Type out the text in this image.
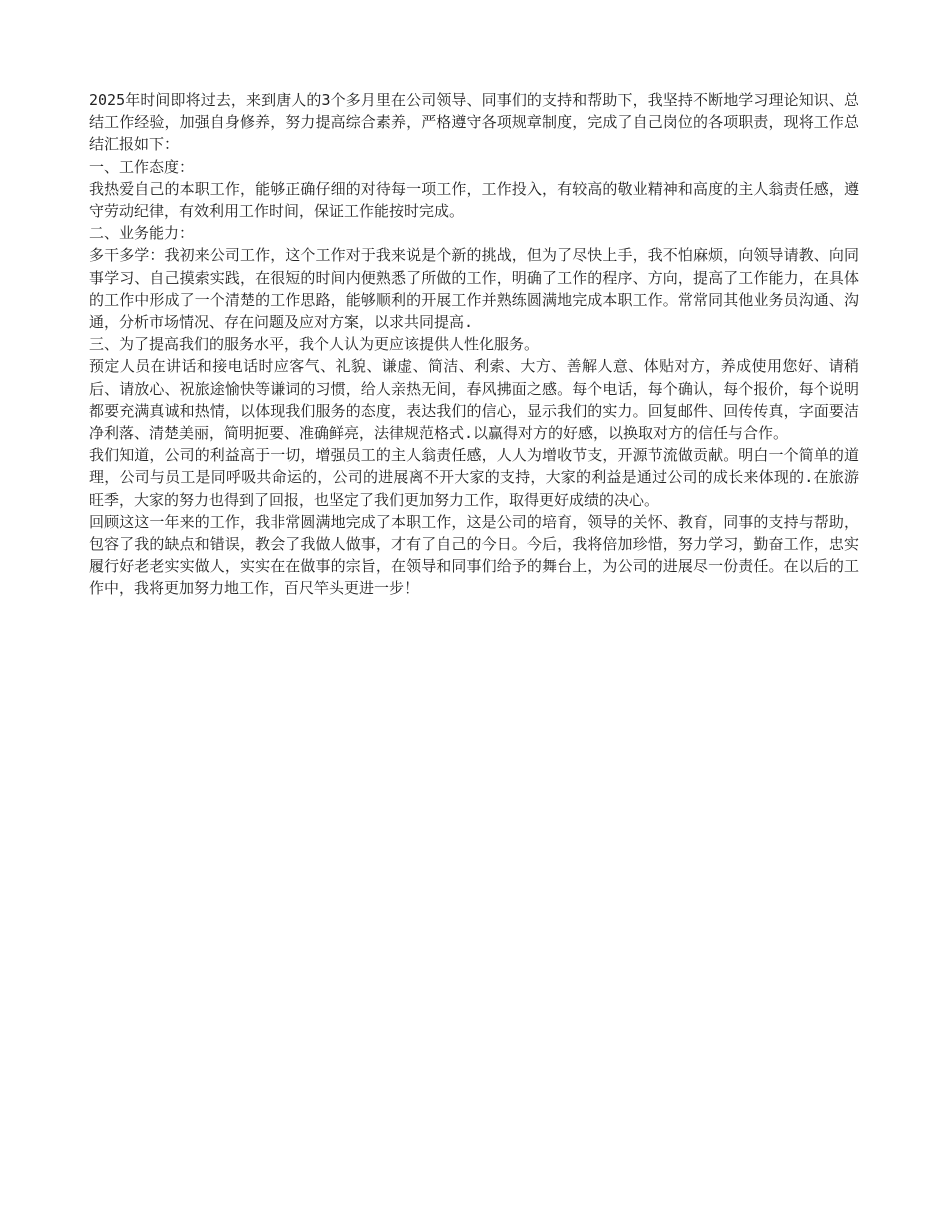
2025年时间即将过去，来到唐人的3个多月里在公司领导、同事们的支持和帮助下，我坚持不断地学习理论知识、总结工作经验，加强自身修养，努力提高综合素养，严格遵守各项规章制度，完成了自己岗位的各项职责，现将工作总结汇报如下：

一、工作态度：

我热爱自己的本职工作，能够正确仔细的对待每一项工作，工作投入，有较高的敬业精神和高度的主人翁责任感，遵守劳动纪律，有效利用工作时间，保证工作能按时完成。

二、业务能力：

多干多学：我初来公司工作，这个工作对于我来说是个新的挑战，但为了尽快上手，我不怕麻烦，向领导请教、向同事学习、自己摸索实践，在很短的时间内便熟悉了所做的工作，明确了工作的程序、方向，提高了工作能力，在具体的工作中形成了一个清楚的工作思路，能够顺利的开展工作并熟练圆满地完成本职工作。常常同其他业务员沟通、沟通，分析市场情况、存在问题及应对方案，以求共同提高.

三、为了提高我们的服务水平，我个人认为更应该提供人性化服务。

预定人员在讲话和接电话时应客气、礼貌、谦虚、简洁、利索、大方、善解人意、体贴对方，养成使用您好、请稍后、请放心、祝旅途愉快等谦词的习惯，给人亲热无间，春风拂面之感。每个电话，每个确认，每个报价，每个说明都要充满真诚和热情，以体现我们服务的态度，表达我们的信心，显示我们的实力。回复邮件、回传传真，字面要洁净利落、清楚美丽，简明扼要、准确鲜亮，法律规范格式.以赢得对方的好感，以换取对方的信任与合作。

我们知道，公司的利益高于一切，增强员工的主人翁责任感，人人为增收节支，开源节流做贡献。明白一个简单的道理，公司与员工是同呼吸共命运的，公司的进展离不开大家的支持，大家的利益是通过公司的成长来体现的.在旅游旺季，大家的努力也得到了回报，也坚定了我们更加努力工作，取得更好成绩的决心。

回顾这这一年来的工作，我非常圆满地完成了本职工作，这是公司的培育，领导的关怀、教育，同事的支持与帮助，包容了我的缺点和错误，教会了我做人做事，才有了自己的今日。今后，我将倍加珍惜，努力学习，勤奋工作，忠实履行好老老实实做人，实实在在做事的宗旨，在领导和同事们给予的舞台上，为公司的进展尽一份责任。在以后的工作中，我将更加努力地工作，百尺竿头更进一步！
